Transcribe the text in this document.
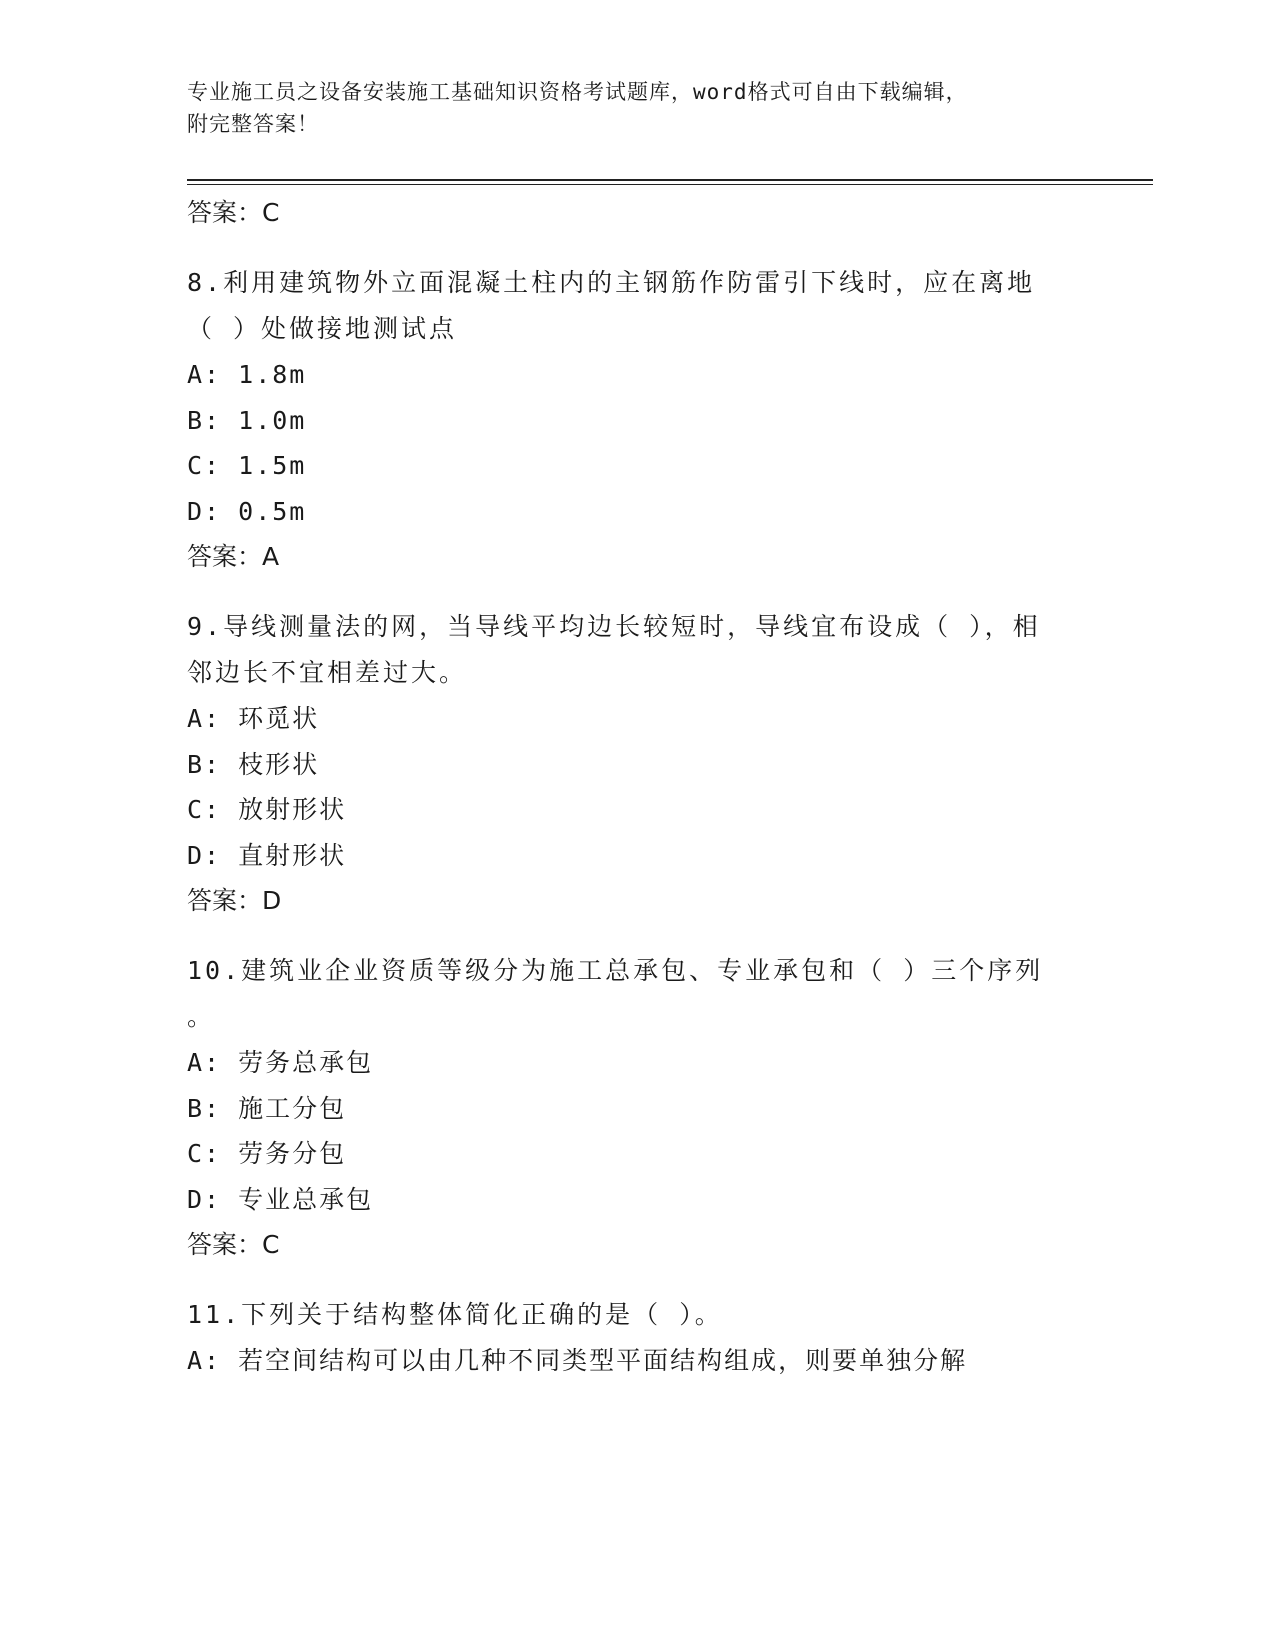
专业施工员之设备安装施工基础知识资格考试题库，word格式可自由下载编辑，
附完整答案！
答案：C
8.利用建筑物外立面混凝土柱内的主钢筋作防雷引下线时，应在离地
（ ）处做接地测试点
A: 1.8m
B: 1.0m
C: 1.5m
D: 0.5m
答案：A
9.导线测量法的网，当导线平均边长较短时，导线宜布设成（ ），相
邻边长不宜相差过大。
A: 环觅状
B: 枝形状
C: 放射形状
D: 直射形状
答案：D
10.建筑业企业资质等级分为施工总承包、专业承包和（ ）三个序列
。
A: 劳务总承包
B: 施工分包
C: 劳务分包
D: 专业总承包
答案：C
11.下列关于结构整体简化正确的是（ ）。
A: 若空间结构可以由几种不同类型平面结构组成，则要单独分解
